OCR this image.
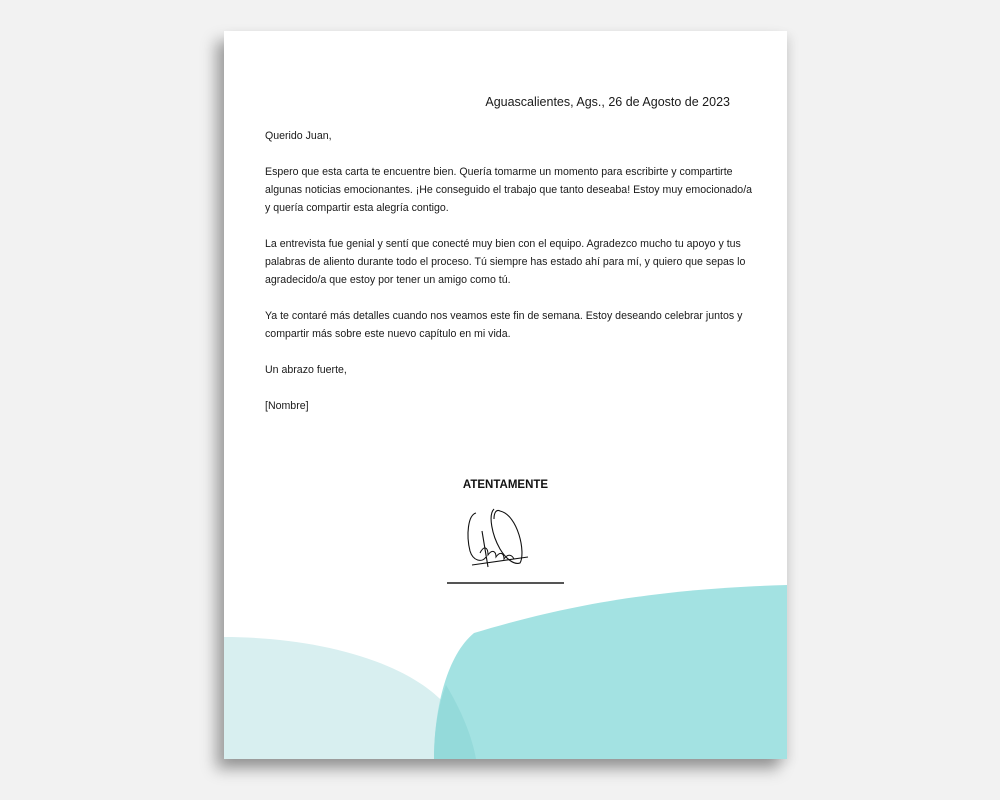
Aguascalientes, Ags., 26 de Agosto de 2023

Querido Juan,

Espero que esta carta te encuentre bien. Quería tomarme un momento para escribirte y compartirte algunas noticias emocionantes. ¡He conseguido el trabajo que tanto deseaba! Estoy muy emocionado/a y quería compartir esta alegría contigo.

La entrevista fue genial y sentí que conecté muy bien con el equipo. Agradezco mucho tu apoyo y tus palabras de aliento durante todo el proceso. Tú siempre has estado ahí para mí, y quiero que sepas lo agradecido/a que estoy por tener un amigo como tú.

Ya te contaré más detalles cuando nos veamos este fin de semana. Estoy deseando celebrar juntos y compartir más sobre este nuevo capítulo en mi vida.

Un abrazo fuerte,

[Nombre]

ATENTAMENTE
